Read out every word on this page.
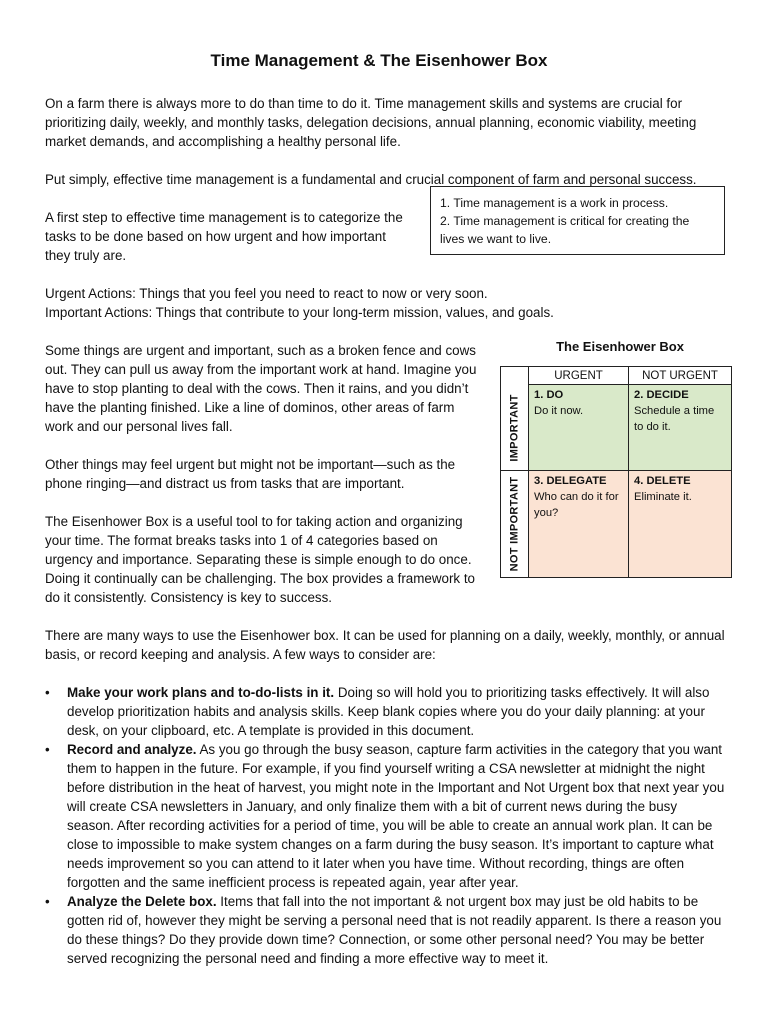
Time Management & The Eisenhower Box

On a farm there is always more to do than time to do it. Time management skills and systems are crucial for prioritizing daily, weekly, and monthly tasks, delegation decisions, annual planning, economic viability, meeting market demands, and accomplishing a healthy personal life.

Put simply, effective time management is a fundamental and crucial component of farm and personal success.

A first step to effective time management is to categorize the tasks to be done based on how urgent and how important they truly are.

Urgent Actions: Things that you feel you need to react to now or very soon.
Important Actions: Things that contribute to your long-term mission, values, and goals.

Some things are urgent and important, such as a broken fence and cows out. They can pull us away from the important work at hand. Imagine you have to stop planting to deal with the cows. Then it rains, and you didn’t have the planting finished. Like a line of dominos, other areas of farm work and our personal lives fall.

Other things may feel urgent but might not be important—such as the phone ringing—and distract us from tasks that are important.

The Eisenhower Box is a useful tool to for taking action and organizing your time. The format breaks tasks into 1 of 4 categories based on urgency and importance. Separating these is simple enough to do once. Doing it continually can be challenging. The box provides a framework to do it consistently. Consistency is key to success.

There are many ways to use the Eisenhower box. It can be used for planning on a daily, weekly, monthly, or annual basis, or record keeping and analysis. A few ways to consider are:

• Make your work plans and to-do-lists in it. Doing so will hold you to prioritizing tasks effectively. It will also develop prioritization habits and analysis skills. Keep blank copies where you do your daily planning: at your desk, on your clipboard, etc. A template is provided in this document.
• Record and analyze. As you go through the busy season, capture farm activities in the category that you want them to happen in the future. For example, if you find yourself writing a CSA newsletter at midnight the night before distribution in the heat of harvest, you might note in the Important and Not Urgent box that next year you will create CSA newsletters in January, and only finalize them with a bit of current news during the busy season. After recording activities for a period of time, you will be able to create an annual work plan. It can be close to impossible to make system changes on a farm during the busy season. It’s important to capture what needs improvement so you can attend to it later when you have time. Without recording, things are often forgotten and the same inefficient process is repeated again, year after year.
• Analyze the Delete box. Items that fall into the not important & not urgent box may just be old habits to be gotten rid of, however they might be serving a personal need that is not readily apparent. Is there a reason you do these things? Do they provide down time? Connection, or some other personal need? You may be better served recognizing the personal need and finding a more effective way to meet it.
1. Time management is a work in process.
2. Time management is critical for creating the lives we want to live.
The Eisenhower Box
URGENT	NOT URGENT
IMPORTANT
NOT IMPORTANT
1. DO
Do it now.
2. DECIDE
Schedule a time to do it.
3. DELEGATE
Who can do it for you?
4. DELETE
Eliminate it.
